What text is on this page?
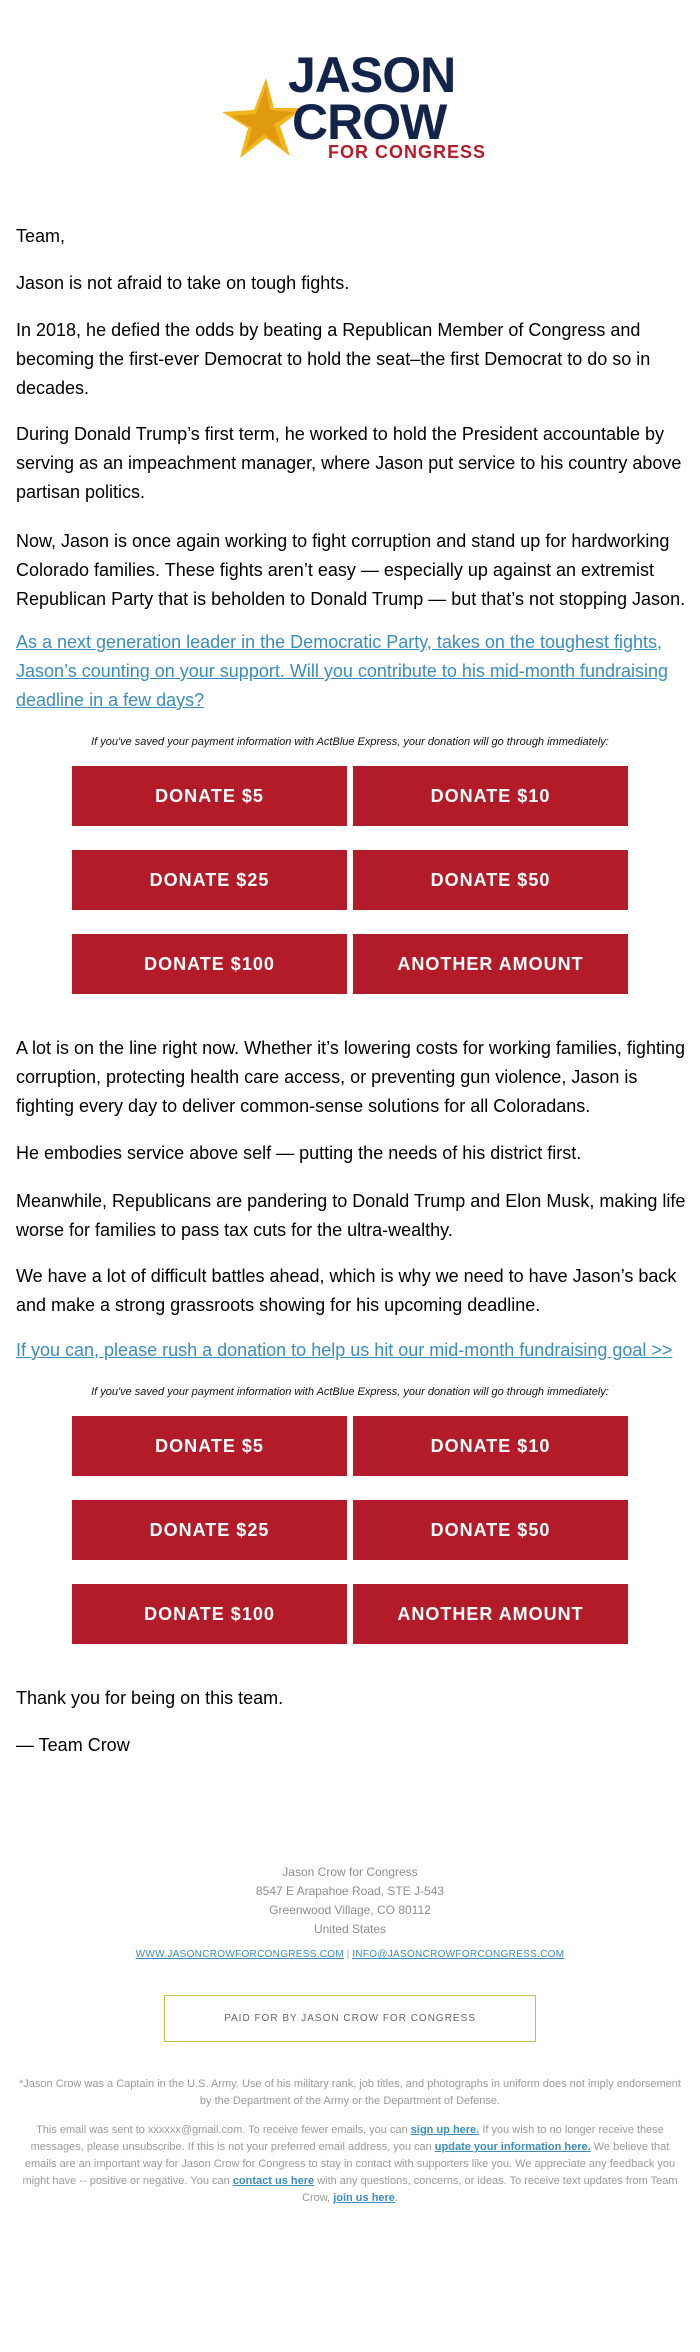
JASON

CROW

FOR CONGRESS

Team,

Jason is not afraid to take on tough fights.

In 2018, he defied the odds by beating a Republican Member of Congress and becoming the first-ever Democrat to hold the seat–the first Democrat to do so in decades.

During Donald Trump’s first term, he worked to hold the President accountable by serving as an impeachment manager, where Jason put service to his country above partisan politics.

Now, Jason is once again working to fight corruption and stand up for hardworking Colorado families. These fights aren’t easy — especially up against an extremist Republican Party that is beholden to Donald Trump — but that’s not stopping Jason.

As a next generation leader in the Democratic Party, takes on the toughest fights, Jason’s counting on your support. Will you contribute to his mid-month fundraising deadline in a few days?

If you've saved your payment information with ActBlue Express, your donation will go through immediately:

DONATE $5	DONATE $10
DONATE $25	DONATE $50
DONATE $100	ANOTHER AMOUNT

A lot is on the line right now. Whether it’s lowering costs for working families, fighting corruption, protecting health care access, or preventing gun violence, Jason is fighting every day to deliver common-sense solutions for all Coloradans.

He embodies service above self — putting the needs of his district first.

Meanwhile, Republicans are pandering to Donald Trump and Elon Musk, making life worse for families to pass tax cuts for the ultra-wealthy.

We have a lot of difficult battles ahead, which is why we need to have Jason’s back and make a strong grassroots showing for his upcoming deadline.

If you can, please rush a donation to help us hit our mid-month fundraising goal >>

If you've saved your payment information with ActBlue Express, your donation will go through immediately:

DONATE $5	DONATE $10
DONATE $25	DONATE $50
DONATE $100	ANOTHER AMOUNT

Thank you for being on this team.

— Team Crow

Jason Crow for Congress

8547 E Arapahoe Road, STE J-543

Greenwood Village, CO 80112

United States

WWW.JASONCROWFORCONGRESS.COM | INFO@JASONCROWFORCONGRESS.COM
PAID FOR BY JASON CROW FOR CONGRESS

*Jason Crow was a Captain in the U.S. Army. Use of his military rank, job titles, and photographs in uniform does not imply endorsement by the Department of the Army or the Department of Defense.

This email was sent to xxxxxx@gmail.com. To receive fewer emails, you can sign up here. If you wish to no longer receive these messages, please unsubscribe. If this is not your preferred email address, you can update your information here. We believe that emails are an important way for Jason Crow for Congress to stay in contact with supporters like you. We appreciate any feedback you might have -- positive or negative. You can contact us here with any questions, concerns, or ideas. To receive text updates from Team Crow, join us here.
